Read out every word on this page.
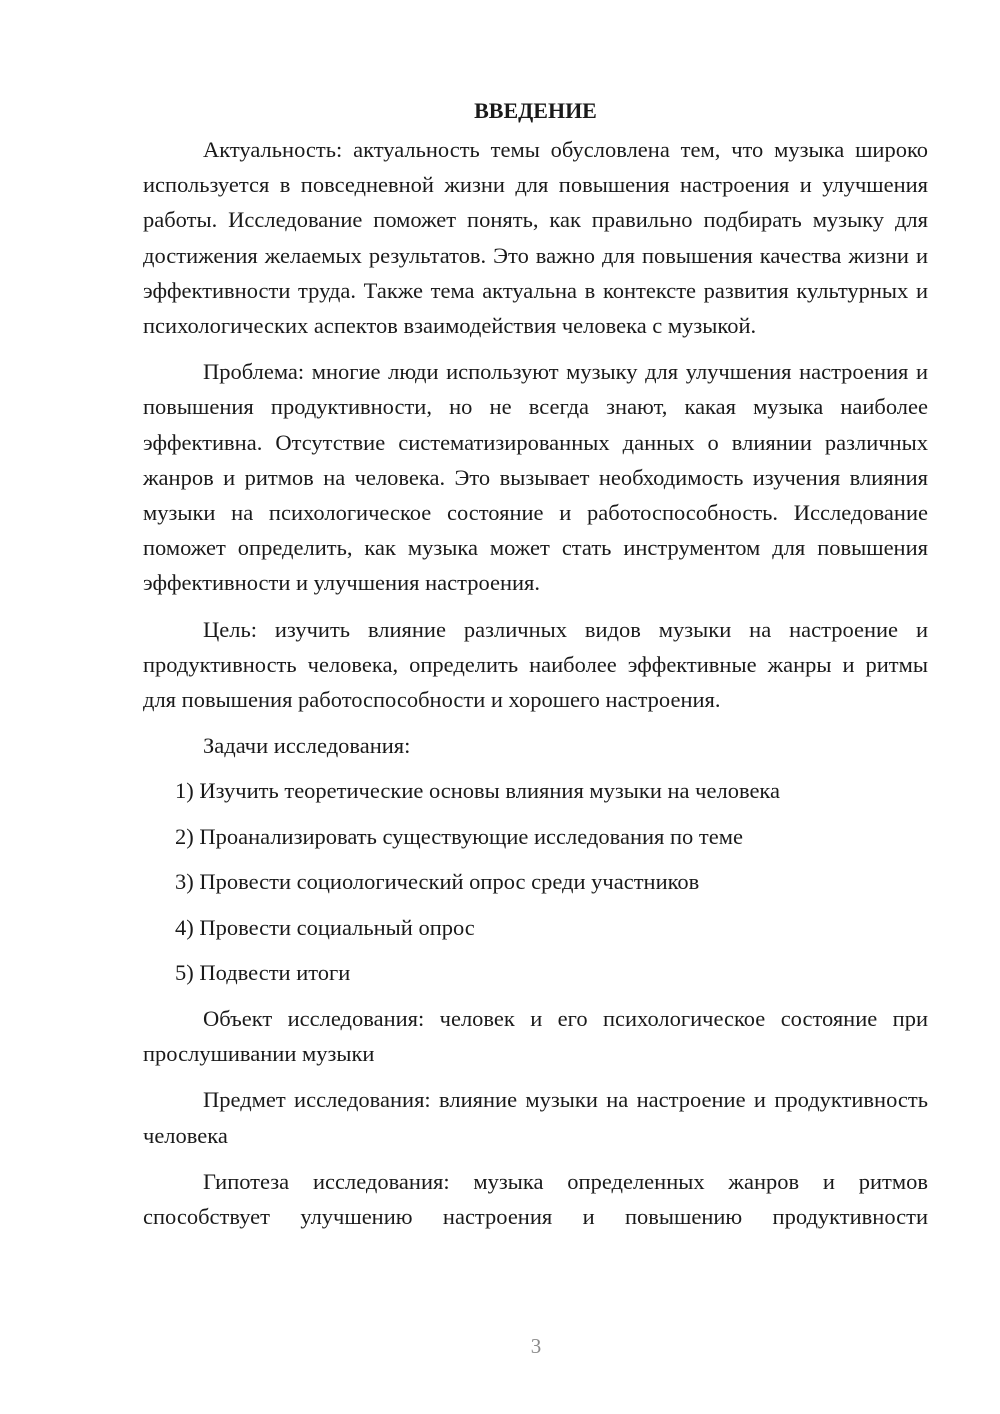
ВВЕДЕНИЕ

Актуальность: актуальность темы обусловлена тем, что музыка широко используется в повседневной жизни для повышения настроения и улучшения работы. Исследование поможет понять, как правильно подбирать музыку для достижения желаемых результатов. Это важно для повышения качества жизни и эффективности труда. Также тема актуальна в контексте развития культурных и психологических аспектов взаимодействия человека с музыкой.

Проблема: многие люди используют музыку для улучшения настроения и повышения продуктивности, но не всегда знают, какая музыка наиболее эффективна. Отсутствие систематизированных данных о влиянии различных жанров и ритмов на человека. Это вызывает необходимость изучения влияния музыки на психологическое состояние и работоспособность. Исследование поможет определить, как музыка может стать инструментом для повышения эффективности и улучшения настроения.

Цель: изучить влияние различных видов музыки на настроение и продуктивность человека, определить наиболее эффективные жанры и ритмы для повышения работоспособности и хорошего настроения.

Задачи исследования:

1) Изучить теоретические основы влияния музыки на человека
2) Проанализировать существующие исследования по теме
3) Провести социологический опрос среди участников
4) Провести социальный опрос
5) Подвести итоги

Объект исследования: человек и его психологическое состояние при прослушивании музыки

Предмет исследования: влияние музыки на настроение и продуктивность человека

Гипотеза исследования: музыка определенных жанров и ритмов способствует улучшению настроения и повышению продуктивности

3
